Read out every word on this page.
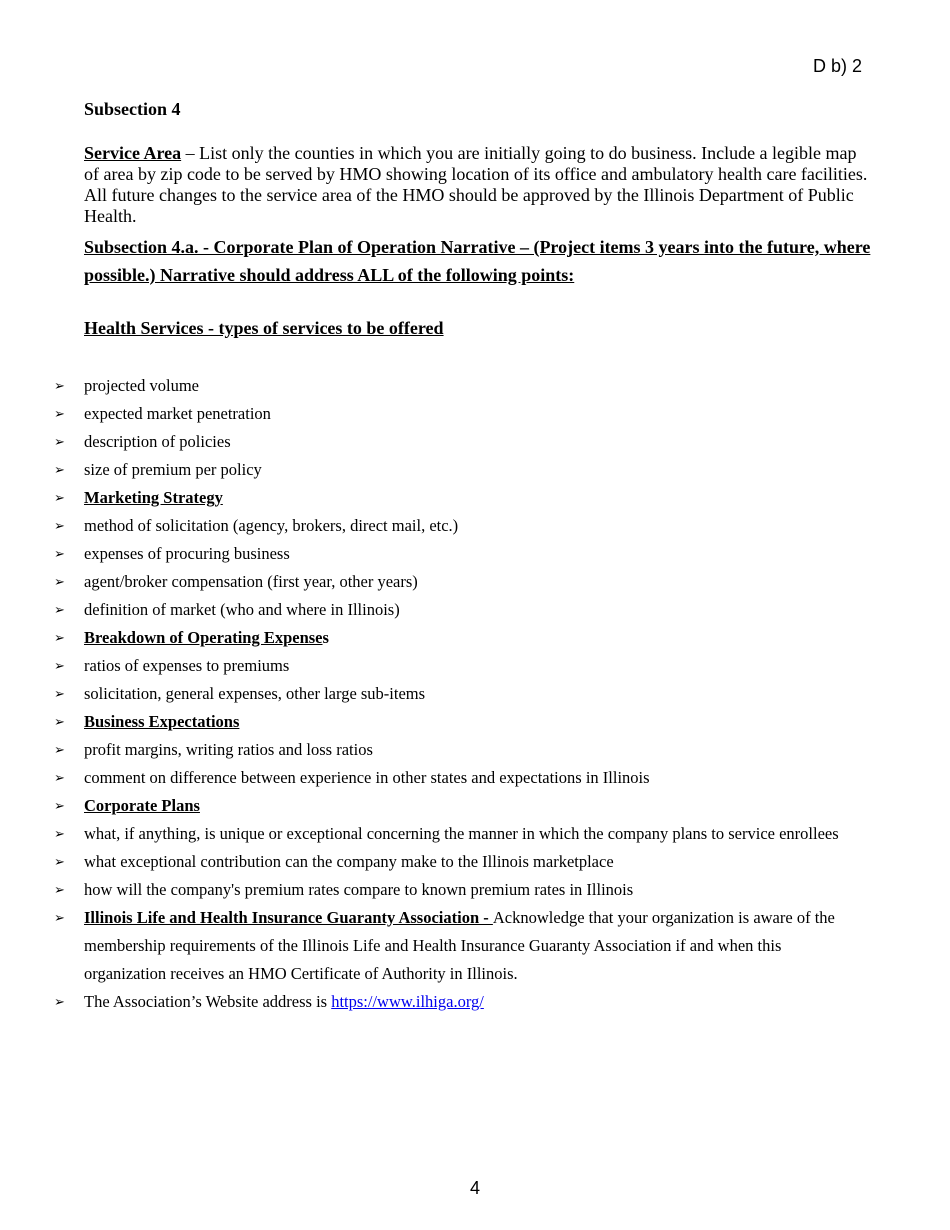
D b) 2
Subsection 4
Service Area – List only the counties in which you are initially going to do business. Include a legible map of area by zip code to be served by HMO showing location of its office and ambulatory health care facilities. All future changes to the service area of the HMO should be approved by the Illinois Department of Public Health.
Subsection 4.a. - Corporate Plan of Operation Narrative – (Project items 3 years into the future, where possible.) Narrative should address ALL of the following points:
Health Services - types of services to be offered
➢ projected volume
➢ expected market penetration
➢ description of policies
➢ size of premium per policy
➢ Marketing Strategy
➢ method of solicitation (agency, brokers, direct mail, etc.)
➢ expenses of procuring business
➢ agent/broker compensation (first year, other years)
➢ definition of market (who and where in Illinois)
➢ Breakdown of Operating Expenses
➢ ratios of expenses to premiums
➢ solicitation, general expenses, other large sub-items
➢ Business Expectations
➢ profit margins, writing ratios and loss ratios
➢ comment on difference between experience in other states and expectations in Illinois
➢ Corporate Plans
➢ what, if anything, is unique or exceptional concerning the manner in which the company plans to service enrollees
➢ what exceptional contribution can the company make to the Illinois marketplace
➢ how will the company's premium rates compare to known premium rates in Illinois
➢ Illinois Life and Health Insurance Guaranty Association - Acknowledge that your organization is aware of the membership requirements of the Illinois Life and Health Insurance Guaranty Association if and when this organization receives an HMO Certificate of Authority in Illinois.
➢ The Association’s Website address is https://www.ilhiga.org/
4
